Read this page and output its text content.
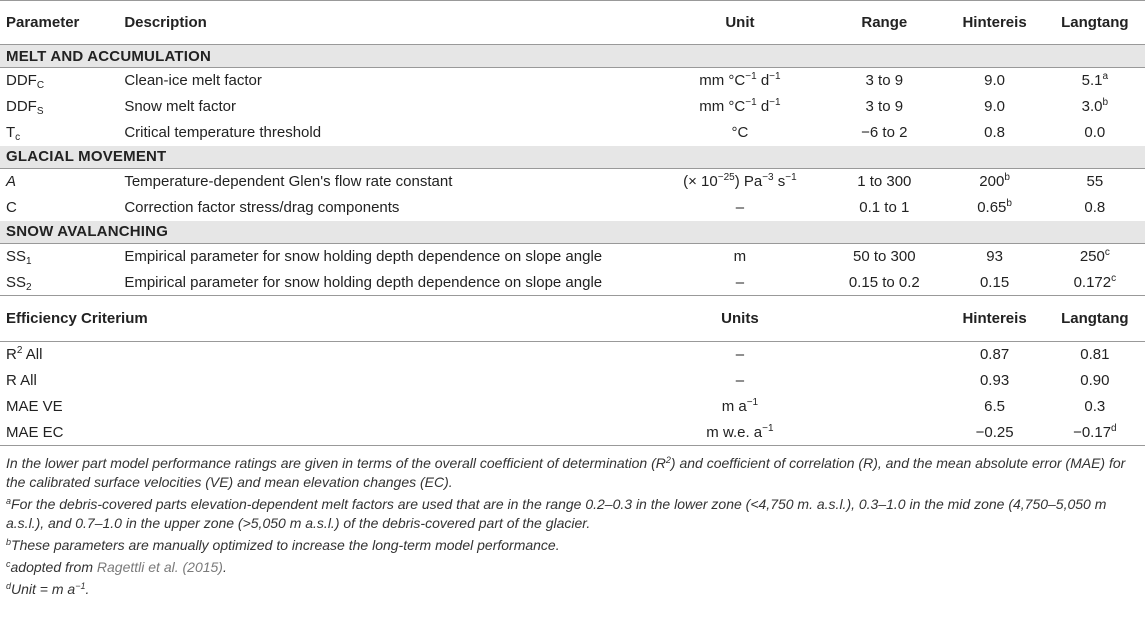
Parameter	Description	Unit	Range	Hintereis	Langtang
MELT AND ACCUMULATION					
$DDF_C$	Clean-ice melt factor	mm $^\circ C^{-1}$ $d^{-1}$	3 to 9	9.0	5.1$^a$
$DDF_S$	Snow melt factor	mm $^\circ C^{-1}$ $d^{-1}$	3 to 9	9.0	3.0$^b$
$T_c$	Critical temperature threshold	°C	−6 to 2	0.8	0.0
GLACIAL MOVEMENT					
A	Temperature-dependent Glen's flow rate constant	(× $10^{-25}$) $Pa^{-3}$ $s^{-1}$	1 to 300	200$^b$	55
C	Correction factor stress/drag components	–	0.1 to 1	0.65$^b$	0.8
SNOW AVALANCHING					
$SS_1$	Empirical parameter for snow holding depth dependence on slope angle	m	50 to 300	93	250$^c$
$SS_2$	Empirical parameter for snow holding depth dependence on slope angle	–	0.15 to 0.2	0.15	0.172$^c$
Efficiency Criterium		Units		Hintereis	Langtang
$R^2$ All		–		0.87	0.81
R All		–		0.93	0.90
MAE VE		m $a^{-1}$		6.5	0.3
MAE EC		m w.e. $a^{-1}$		−0.25	−0.17$^d$

In the lower part model performance ratings are given in terms of the overall coefficient of determination $(R^2)$ and coefficient of correlation (R), and the mean absolute error (MAE) for the calibrated surface velocities (VE) and mean elevation changes (EC).

$^a$For the debris-covered parts elevation-dependent melt factors are used that are in the range 0.2–0.3 in the lower zone (<4,750 m. a.s.l.), 0.3–1.0 in the mid zone (4,750–5,050 m a.s.l.), and 0.7–1.0 in the upper zone (>5,050 m a.s.l.) of the debris-covered part of the glacier.

$^b$These parameters are manually optimized to increase the long-term model performance.

$^c$adopted from Ragettli et al. (2015).

$^d$Unit = m $a^{-1}$.
